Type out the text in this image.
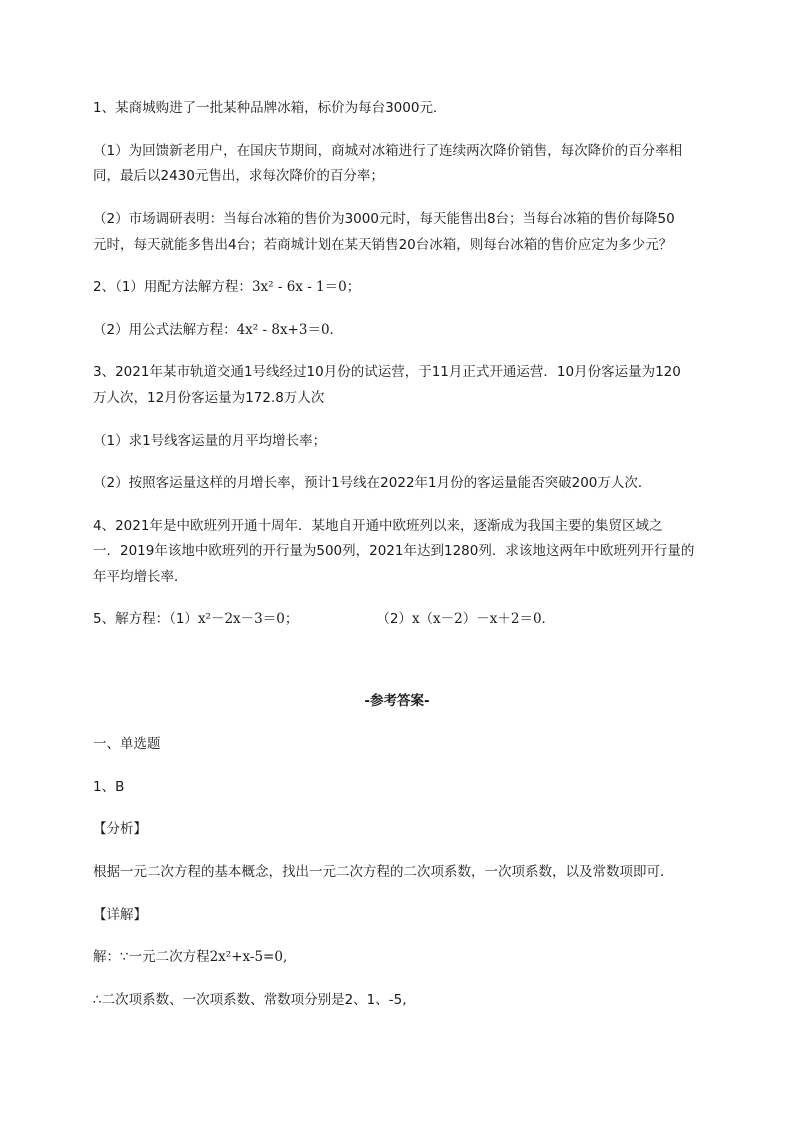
1、某商城购进了一批某种品牌冰箱，标价为每台3000元．
（1）为回馈新老用户，在国庆节期间，商城对冰箱进行了连续两次降价销售，每次降价的百分率相
同，最后以2430元售出，求每次降价的百分率；
（2）市场调研表明：当每台冰箱的售价为3000元时，每天能售出8台；当每台冰箱的售价每降50
元时，每天就能多售出4台；若商城计划在某天销售20台冰箱，则每台冰箱的售价应定为多少元？
2、（1）用配方法解方程：3x² - 6x - 1＝0；
（2）用公式法解方程：4x² - 8x+3＝0．
3、2021年某市轨道交通1号线经过10月份的试运营，于11月正式开通运营．10月份客运量为120
万人次，12月份客运量为172.8万人次
（1）求1号线客运量的月平均增长率；
（2）按照客运量这样的月增长率，预计1号线在2022年1月份的客运量能否突破200万人次．
4、2021年是中欧班列开通十周年．某地自开通中欧班列以来，逐渐成为我国主要的集贸区域之
一．2019年该地中欧班列的开行量为500列，2021年达到1280列．求该地这两年中欧班列开行量的
年平均增长率．
5、解方程：（1）x²－2x－3＝0；	（2）x（x－2）－x＋2＝0．
-参考答案-
一、单选题
1、B
【分析】
根据一元二次方程的基本概念，找出一元二次方程的二次项系数，一次项系数，以及常数项即可．
【详解】
解：∵一元二次方程2x²+x-5=0,
∴二次项系数、一次项系数、常数项分别是2、1、-5,
